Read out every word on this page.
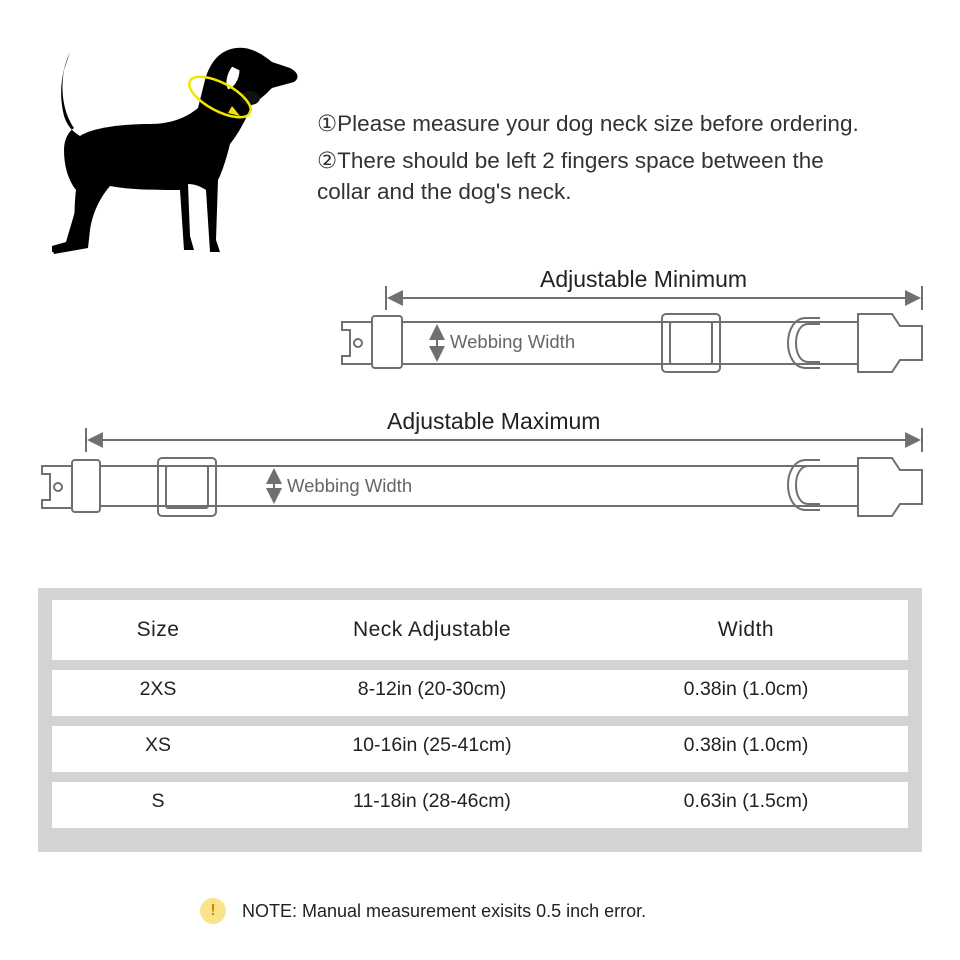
①Please measure your dog neck size before ordering.
②There should be left 2 fingers space between the
collar and the dog's neck.
Adjustable Minimum
Webbing Width
Adjustable Maximum
Webbing Width
Size	Neck Adjustable	Width
2XS	8-12in (20-30cm)	0.38in (1.0cm)
XS	10-16in (25-41cm)	0.38in (1.0cm)
S	11-18in (28-46cm)	0.63in (1.5cm)
!	NOTE: Manual measurement exisits 0.5 inch error.
